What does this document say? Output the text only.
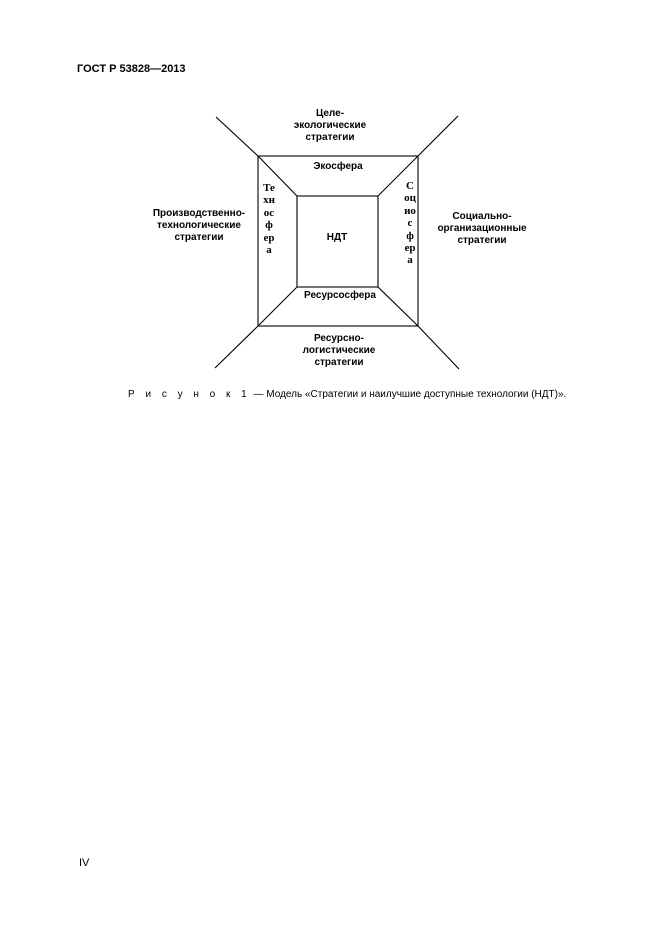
ГОСТ Р 53828—2013
Целе-
экологические
стратегии
Производственно-
технологические
стратегии
Социально-
организационные
стратегии
Ресурсно-
логистические
стратегии
Экосфера
Ресурсосфера
НДТ
Техносфера
Социосфера
Р и с у н о к 1 — Модель «Стратегии и наилучшие доступные технологии (НДТ)».
IV
